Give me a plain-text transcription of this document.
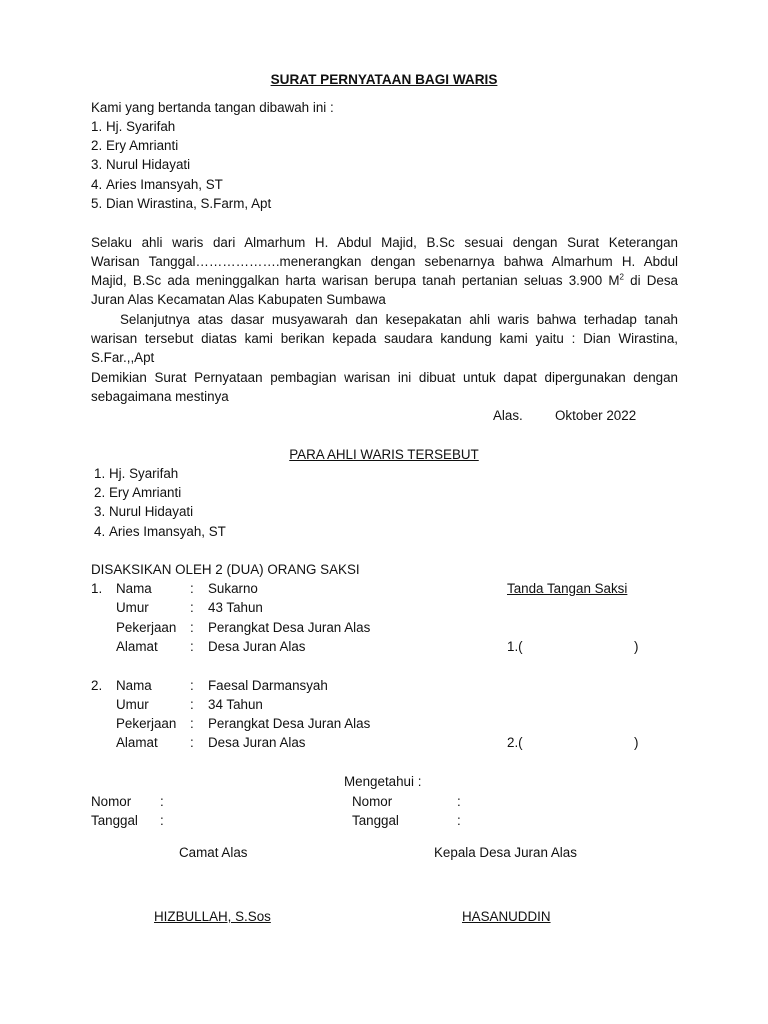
SURAT PERNYATAAN BAGI WARIS
Kami yang bertanda tangan dibawah ini :
1. Hj. Syarifah
2. Ery Amrianti
3. Nurul Hidayati
4. Aries Imansyah, ST
5. Dian Wirastina, S.Farm, Apt
Selaku ahli waris dari Almarhum H. Abdul Majid, B.Sc sesuai dengan Surat Keterangan
Warisan Tanggal……………….menerangkan dengan sebenarnya bahwa Almarhum H. Abdul
Majid, B.Sc ada meninggalkan harta warisan berupa tanah pertanian seluas 3.900 $M^2$ di Desa
Juran Alas Kecamatan Alas Kabupaten Sumbawa
Selanjutnya atas dasar musyawarah dan kesepakatan ahli waris bahwa terhadap tanah
warisan tersebut diatas kami berikan kepada saudara kandung kami yaitu : Dian Wirastina,
S.Far.,,Apt
Demikian Surat Pernyataan pembagian warisan ini dibuat untuk dapat dipergunakan dengan
sebagaimana mestinya
Alas. Oktober 2022
PARA AHLI WARIS TERSEBUT
1. Hj. Syarifah
2. Ery Amrianti
3. Nurul Hidayati
4. Aries Imansyah, ST
DISAKSIKAN OLEH 2 (DUA) ORANG SAKSI
1. Nama	: Sukarno	Tanda Tangan Saksi
Umur	: 43 Tahun
Pekerjaan : Perangkat Desa Juran Alas
Alamat : Desa Juran Alas	1.(	)
2. Nama	: Faesal Darmansyah
Umur	: 34 Tahun
Pekerjaan : Perangkat Desa Juran Alas
Alamat : Desa Juran Alas	2.(	)
Mengetahui :
Nomor :	Nomor	:
Tanggal :	Tanggal	:
Camat Alas	Kepala Desa Juran Alas
HIZBULLAH, S.Sos	HASANUDDIN
